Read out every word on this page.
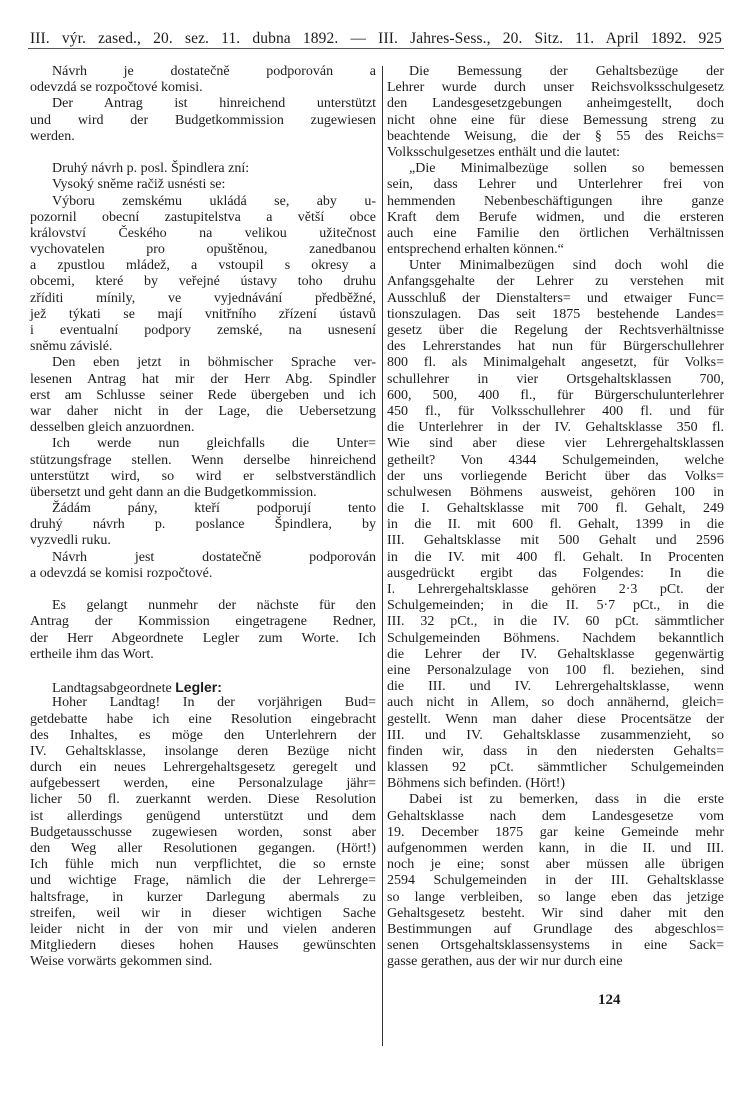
III. výr. zased., 20. sez. 11. dubna 1892. — III. Jahres-Sess., 20. Sitz. 11. April 1892. 925
Návrh je dostatečně podporován a
odevzdá se rozpočtové komisi.
Der Antrag ist hinreichend unterstützt
und wird der Budgetkommission zugewiesen
werden.
Druhý návrh p. posl. Špindlera zní:
Vysoký sněme račiž usnésti se:
Výboru zemskému ukládá se, aby u-
pozornil obecní zastupitelstva a větší obce
království Českého na velikou užitečnost
vychovatelen pro opuštěnou, zanedbanou
a zpustlou mládež, a vstoupil s okresy a
obcemi, které by veřejné ústavy toho druhu
zříditi mínily, ve vyjednávání předběžné,
jež týkati se mají vnitřního zřízení ústavů
i eventualní podpory zemské, na usnesení
sněmu závislé.
Den eben jetzt in böhmischer Sprache ver-
lesenen Antrag hat mir der Herr Abg. Spindler
erst am Schlusse seiner Rede übergeben und ich
war daher nicht in der Lage, die Uebersetzung
desselben gleich anzuordnen.
Ich werde nun gleichfalls die Unter=
stützungsfrage stellen. Wenn derselbe hinreichend
unterstützt wird, so wird er selbstverständlich
übersetzt und geht dann an die Budgetkommission.
Žádám pány, kteří podporují tento
druhý návrh p. poslance Špindlera, by
vyzvedli ruku.
Návrh jest dostatečně podporován
a odevzdá se komisi rozpočtové.
Es gelangt nunmehr der nächste für den
Antrag der Kommission eingetragene Redner,
der Herr Abgeordnete Legler zum Worte. Ich
ertheile ihm das Wort.
Landtagsabgeordnete Legler:
Hoher Landtag! In der vorjährigen Bud=
getdebatte habe ich eine Resolution eingebracht
des Inhaltes, es möge den Unterlehrern der
IV. Gehaltsklasse, insolange deren Bezüge nicht
durch ein neues Lehrergehaltsgesetz geregelt und
aufgebessert werden, eine Personalzulage jähr=
licher 50 fl. zuerkannt werden. Diese Resolution
ist allerdings genügend unterstützt und dem
Budgetausschusse zugewiesen worden, sonst aber
den Weg aller Resolutionen gegangen. (Hört!)
Ich fühle mich nun verpflichtet, die so ernste
und wichtige Frage, nämlich die der Lehrerge=
haltsfrage, in kurzer Darlegung abermals zu
streifen, weil wir in dieser wichtigen Sache
leider nicht in der von mir und vielen anderen
Mitgliedern dieses hohen Hauses gewünschten
Weise vorwärts gekommen sind.
Die Bemessung der Gehaltsbezüge der
Lehrer wurde durch unser Reichsvolksschulgesetz
den Landesgesetzgebungen anheimgestellt, doch
nicht ohne eine für diese Bemessung streng zu
beachtende Weisung, die der § 55 des Reichs=
Volksschulgesetzes enthält und die lautet:
„Die Minimalbezüge sollen so bemessen
sein, dass Lehrer und Unterlehrer frei von
hemmenden Nebenbeschäftigungen ihre ganze
Kraft dem Berufe widmen, und die ersteren
auch eine Familie den örtlichen Verhältnissen
entsprechend erhalten können.“
Unter Minimalbezügen sind doch wohl die
Anfangsgehalte der Lehrer zu verstehen mit
Ausschluß der Dienstalters= und etwaiger Func=
tionszulagen. Das seit 1875 bestehende Landes=
gesetz über die Regelung der Rechtsverhältnisse
des Lehrerstandes hat nun für Bürgerschullehrer
800 fl. als Minimalgehalt angesetzt, für Volks=
schullehrer in vier Ortsgehaltsklassen 700,
600, 500, 400 fl., für Bürgerschulunterlehrer
450 fl., für Volksschullehrer 400 fl. und für
die Unterlehrer in der IV. Gehaltsklasse 350 fl.
Wie sind aber diese vier Lehrergehaltsklassen
getheilt? Von 4344 Schulgemeinden, welche
der uns vorliegende Bericht über das Volks=
schulwesen Böhmens ausweist, gehören 100 in
die I. Gehaltsklasse mit 700 fl. Gehalt, 249
in die II. mit 600 fl. Gehalt, 1399 in die
III. Gehaltsklasse mit 500 Gehalt und 2596
in die IV. mit 400 fl. Gehalt. In Procenten
ausgedrückt ergibt das Folgendes: In die
I. Lehrergehaltsklasse gehören 2·3 pCt. der
Schulgemeinden; in die II. 5·7 pCt., in die
III. 32 pCt., in die IV. 60 pCt. sämmtlicher
Schulgemeinden Böhmens. Nachdem bekanntlich
die Lehrer der IV. Gehaltsklasse gegenwärtig
eine Personalzulage von 100 fl. beziehen, sind
die III. und IV. Lehrergehaltsklasse, wenn
auch nicht in Allem, so doch annähernd, gleich=
gestellt. Wenn man daher diese Procentsätze der
III. und IV. Gehaltsklasse zusammenzieht, so
finden wir, dass in den niedersten Gehalts=
klassen 92 pCt. sämmtlicher Schulgemeinden
Böhmens sich befinden. (Hört!)
Dabei ist zu bemerken, dass in die erste
Gehaltsklasse nach dem Landesgesetze vom
19. December 1875 gar keine Gemeinde mehr
aufgenommen werden kann, in die II. und III.
noch je eine; sonst aber müssen alle übrigen
2594 Schulgemeinden in der III. Gehaltsklasse
so lange verbleiben, so lange eben das jetzige
Gehaltsgesetz besteht. Wir sind daher mit den
Bestimmungen auf Grundlage des abgeschlos=
senen Ortsgehaltsklassensystems in eine Sack=
gasse gerathen, aus der wir nur durch eine
124
